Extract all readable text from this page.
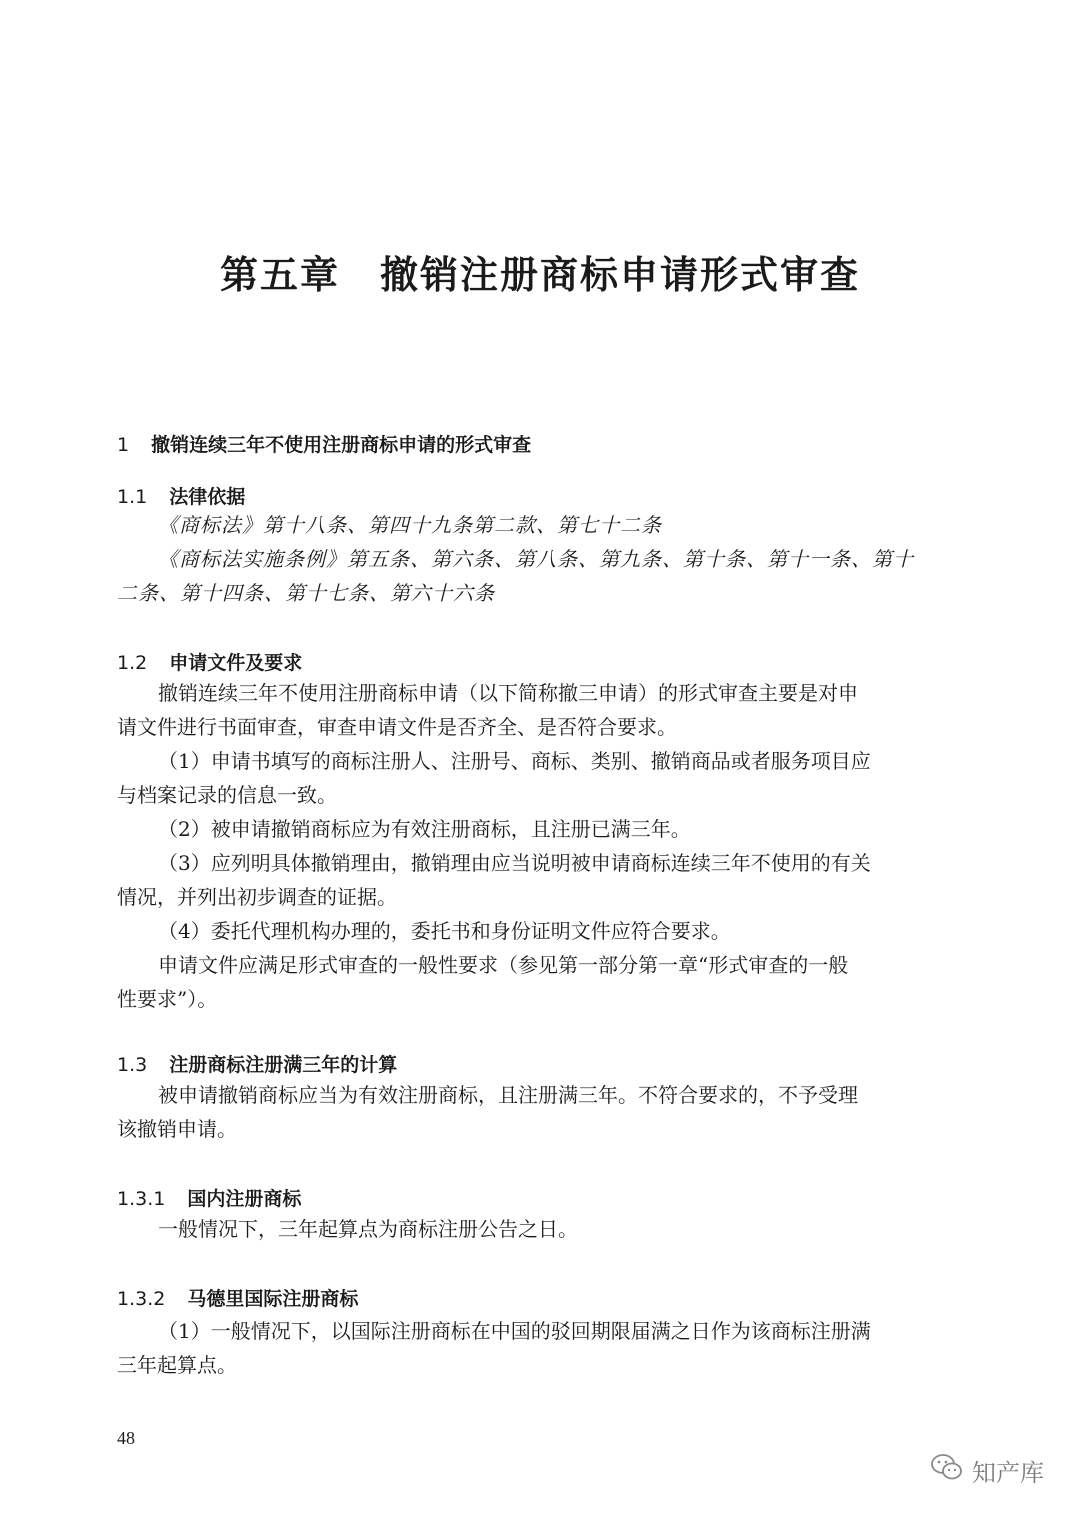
第五章 撤销注册商标申请形式审查
1 撤销连续三年不使用注册商标申请的形式审查
1.1 法律依据
《商标法》第十八条、第四十九条第二款、第七十二条
《商标法实施条例》第五条、第六条、第八条、第九条、第十条、第十一条、第十
二条、第十四条、第十七条、第六十六条
1.2 申请文件及要求
撤销连续三年不使用注册商标申请（以下简称撤三申请）的形式审查主要是对申
请文件进行书面审查，审查申请文件是否齐全、是否符合要求。
（1）申请书填写的商标注册人、注册号、商标、类别、撤销商品或者服务项目应
与档案记录的信息一致。
（2）被申请撤销商标应为有效注册商标，且注册已满三年。
（3）应列明具体撤销理由，撤销理由应当说明被申请商标连续三年不使用的有关
情况，并列出初步调查的证据。
（4）委托代理机构办理的，委托书和身份证明文件应符合要求。
申请文件应满足形式审查的一般性要求（参见第一部分第一章“形式审查的一般
性要求”）。
1.3 注册商标注册满三年的计算
被申请撤销商标应当为有效注册商标，且注册满三年。不符合要求的，不予受理
该撤销申请。
1.3.1 国内注册商标
一般情况下，三年起算点为商标注册公告之日。
1.3.2 马德里国际注册商标
（1）一般情况下，以国际注册商标在中国的驳回期限届满之日作为该商标注册满
三年起算点。
48
知产库
